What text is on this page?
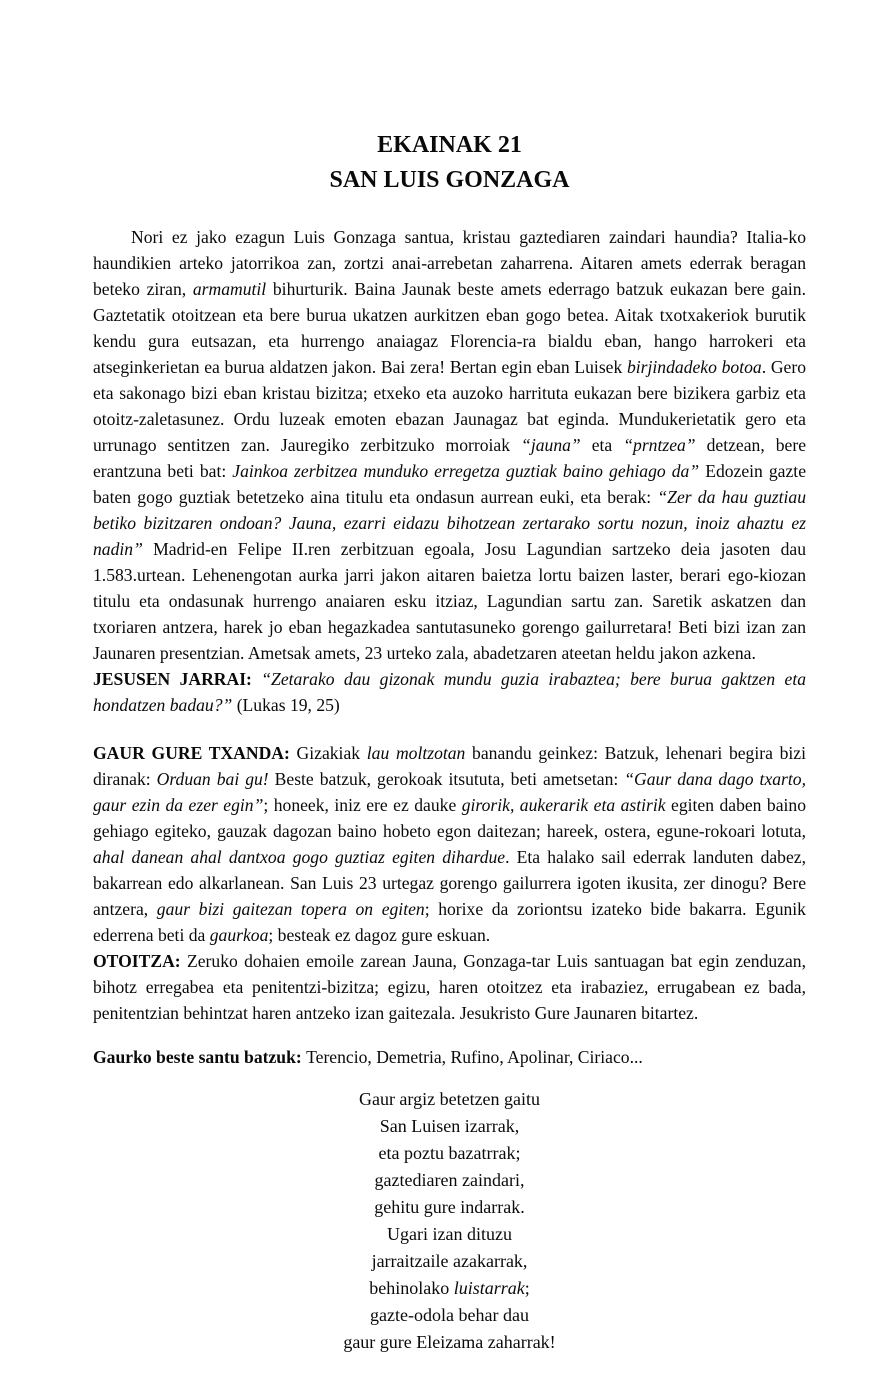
EKAINAK 21
SAN LUIS GONZAGA

Nori ez jako ezagun Luis Gonzaga santua, kristau gaztediaren zaindari haundia? Italia-ko haundikien arteko jatorrikoa zan, zortzi anai-arrebetan zaharrena. Aitaren amets ederrak beragan beteko ziran, armamutil bihurturik. Baina Jaunak beste amets ederrago batzuk eukazan bere gain. Gaztetatik otoitzean eta bere burua ukatzen aurkitzen eban gogo betea. Aitak txotxakeriok burutik kendu gura eutsazan, eta hurrengo anaiagaz Florencia-ra bialdu eban, hango harrokeri eta atseginkerietan ea burua aldatzen jakon. Bai zera! Bertan egin eban Luisek birjindadeko botoa. Gero eta sakonago bizi eban kristau bizitza; etxeko eta auzoko harrituta eukazan bere bizikera garbiz eta otoitz-zaletasunez. Ordu luzeak emoten ebazan Jaunagaz bat eginda. Mundukerietatik gero eta urrunago sentitzen zan. Jauregiko zerbitzuko morroiak “jauna” eta “prntzea” detzean, bere erantzuna beti bat: Jainkoa zerbitzea munduko erregetza guztiak baino gehiago da” Edozein gazte baten gogo guztiak betetzeko aina titulu eta ondasun aurrean euki, eta berak: “Zer da hau guztiau betiko bizitzaren ondoan? Jauna, ezarri eidazu bihotzean zertarako sortu nozun, inoiz ahaztu ez nadin” Madrid-en Felipe II.ren zerbitzuan egoala, Josu Lagundian sartzeko deia jasoten dau 1.583.urtean. Lehenengotan aurka jarri jakon aitaren baietza lortu baizen laster, berari ego-kiozan titulu eta ondasunak hurrengo anaiaren esku itziaz, Lagundian sartu zan. Saretik askatzen dan txoriaren antzera, harek jo eban hegazkadea santutasuneko gorengo gailurretara! Beti bizi izan zan Jaunaren presentzian. Ametsak amets, 23 urteko zala, abadetzaren ateetan heldu jakon azkena.

JESUSEN JARRAI: “Zetarako dau gizonak mundu guzia irabaztea; bere burua gaktzen eta hondatzen badau?” (Lukas 19, 25)

GAUR GURE TXANDA: Gizakiak lau moltzotan banandu geinkez: Batzuk, lehenari begira bizi diranak: Orduan bai gu! Beste batzuk, gerokoak itsututa, beti ametsetan: “Gaur dana dago txarto, gaur ezin da ezer egin”; honeek, iniz ere ez dauke girorik, aukerarik eta astirik egiten daben baino gehiago egiteko, gauzak dagozan baino hobeto egon daitezan; hareek, ostera, egune-rokoari lotuta, ahal danean ahal dantxoa gogo guztiaz egiten dihardue. Eta halako sail ederrak landuten dabez, bakarrean edo alkarlanean. San Luis 23 urtegaz gorengo gailurrera igoten ikusita, zer dinogu? Bere antzera, gaur bizi gaitezan topera on egiten; horixe da zoriontsu izateko bide bakarra. Egunik ederrena beti da gaurkoa; besteak ez dagoz gure eskuan.

OTOITZA: Zeruko dohaien emoile zarean Jauna, Gonzaga-tar Luis santuagan bat egin zenduzan, bihotz erregabea eta penitentzi-bizitza; egizu, haren otoitzez eta irabaziez, errugabean ez bada, penitentzian behintzat haren antzeko izan gaitezala. Jesukristo Gure Jaunaren bitartez.

Gaurko beste santu batzuk: Terencio, Demetria, Rufino, Apolinar, Ciriaco...

Gaur argiz betetzen gaitu
San Luisen izarrak,
eta poztu bazatrrak;
gaztediaren zaindari,
gehitu gure indarrak.
Ugari izan dituzu
jarraitzaile azakarrak,
behinolako luistarrak;
gazte-odola behar dau
gaur gure Eleizama zaharrak!
